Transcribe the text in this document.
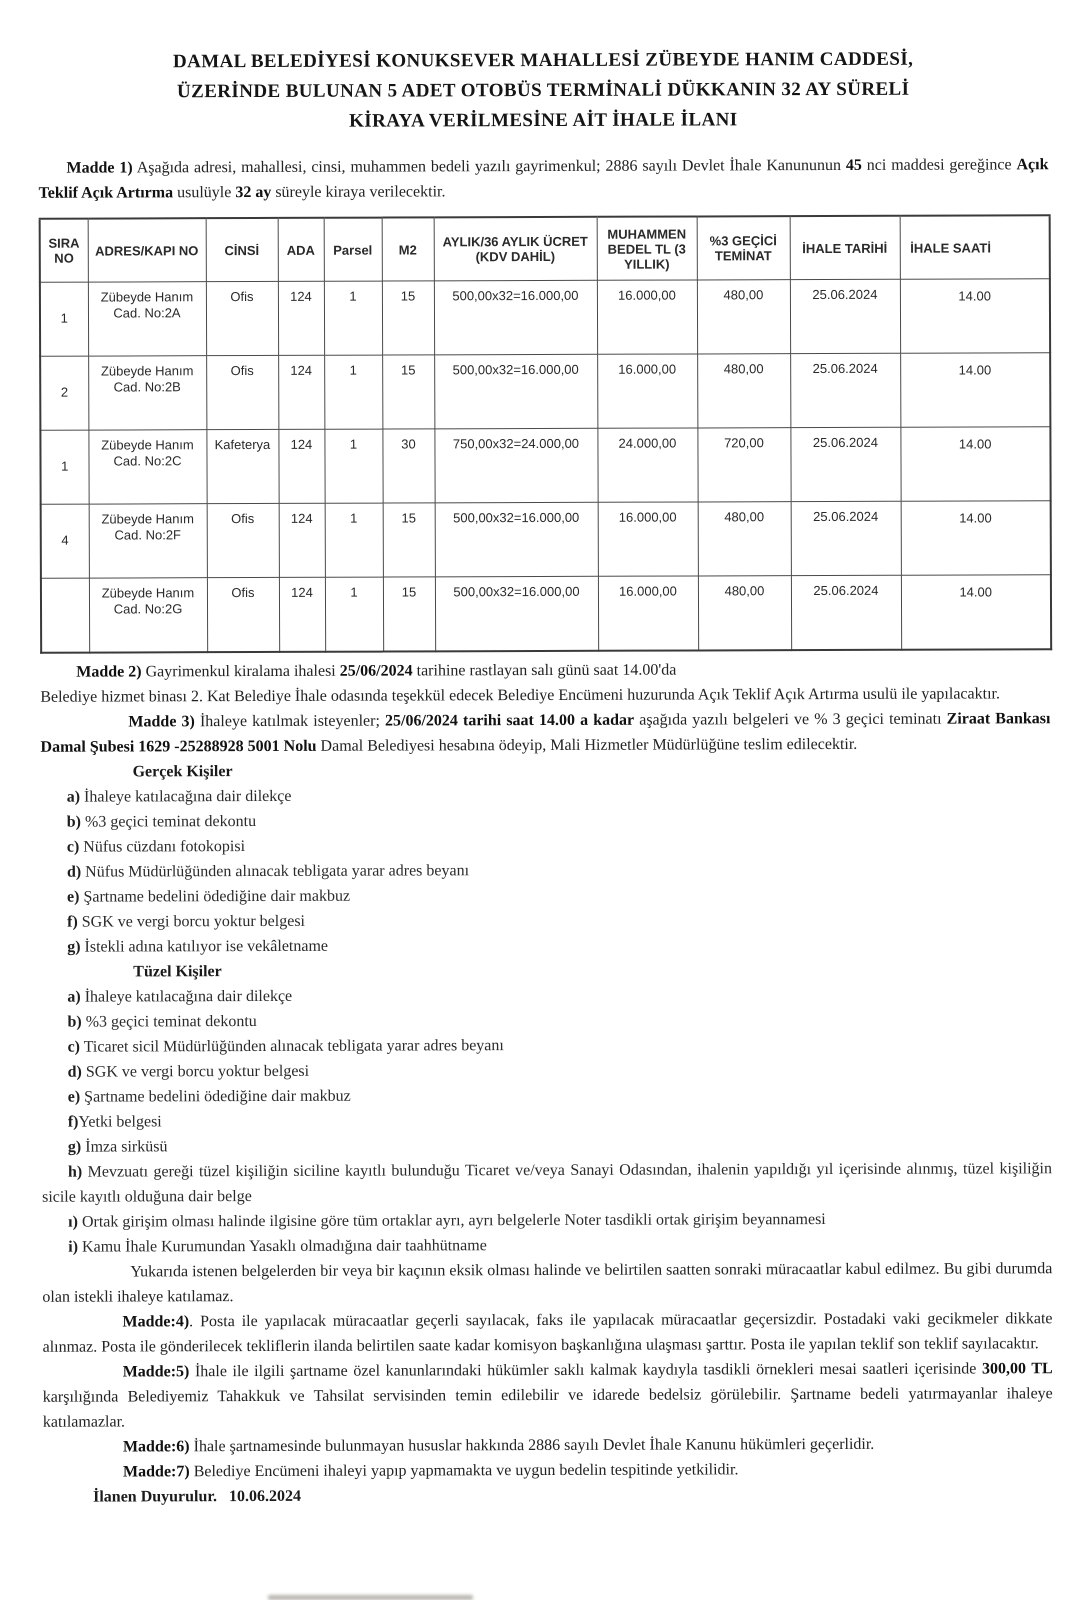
DAMAL BELEDİYESİ KONUKSEVER MAHALLESİ ZÜBEYDE HANIM CADDESİ,
ÜZERİNDE BULUNAN 5 ADET OTOBÜS TERMİNALİ DÜKKANIN 32 AY SÜRELİ
KİRAYA VERİLMESİNE AİT İHALE İLANI

Madde 1) Aşağıda adresi, mahallesi, cinsi, muhammen bedeli yazılı gayrimenkul; 2886 sayılı Devlet İhale Kanununun 45 nci maddesi gereğince Açık Teklif Açık Artırma usulüyle 32 ay süreyle kiraya verilecektir.

SIRA NO	ADRES/KAPI NO	CİNSİ	ADA	Parsel	M2	AYLIK/36 AYLIK ÜCRET (KDV DAHİL)	MUHAMMEN BEDEL TL (3 YILLIK)	%3 GEÇİCİ TEMİNAT	İHALE TARİHİ	İHALE SAATİ
1	Zübeyde Hanım Cad. No:2A	Ofis	124	1	15	500,00x32=16.000,00	16.000,00	480,00	25.06.2024	14.00
2	Zübeyde Hanım Cad. No:2B	Ofis	124	1	15	500,00x32=16.000,00	16.000,00	480,00	25.06.2024	14.00
1	Zübeyde Hanım Cad. No:2C	Kafeterya	124	1	30	750,00x32=24.000,00	24.000,00	720,00	25.06.2024	14.00
4	Zübeyde Hanım Cad. No:2F	Ofis	124	1	15	500,00x32=16.000,00	16.000,00	480,00	25.06.2024	14.00
	Zübeyde Hanım Cad. No:2G	Ofis	124	1	15	500,00x32=16.000,00	16.000,00	480,00	25.06.2024	14.00

Madde 2) Gayrimenkul kiralama ihalesi 25/06/2024 tarihine rastlayan salı günü saat 14.00'da

Belediye hizmet binası 2. Kat Belediye İhale odasında teşekkül edecek Belediye Encümeni huzurunda Açık Teklif Açık Artırma usulü ile yapılacaktır.

Madde 3) İhaleye katılmak isteyenler; 25/06/2024 tarihi saat 14.00 a kadar aşağıda yazılı belgeleri ve % 3 geçici teminatı Ziraat Bankası Damal Şubesi 1629 -25288928 5001 Nolu Damal Belediyesi hesabına ödeyip, Mali Hizmetler Müdürlüğüne teslim edilecektir.

Gerçek Kişiler
a) İhaleye katılacağına dair dilekçe
b) %3 geçici teminat dekontu
c) Nüfus cüzdanı fotokopisi
d) Nüfus Müdürlüğünden alınacak tebligata yarar adres beyanı
e) Şartname bedelini ödediğine dair makbuz
f) SGK ve vergi borcu yoktur belgesi
g) İstekli adına katılıyor ise vekâletname
Tüzel Kişiler
a) İhaleye katılacağına dair dilekçe
b) %3 geçici teminat dekontu
c) Ticaret sicil Müdürlüğünden alınacak tebligata yarar adres beyanı
d) SGK ve vergi borcu yoktur belgesi
e) Şartname bedelini ödediğine dair makbuz
f)Yetki belgesi
g) İmza sirküsü
h) Mevzuatı gereği tüzel kişiliğin siciline kayıtlı bulunduğu Ticaret ve/veya Sanayi Odasından, ihalenin yapıldığı yıl içerisinde alınmış, tüzel kişiliğin sicile kayıtlı olduğuna dair belge
ı) Ortak girişim olması halinde ilgisine göre tüm ortaklar ayrı, ayrı belgelerle Noter tasdikli ortak girişim beyannamesi
i) Kamu İhale Kurumundan Yasaklı olmadığına dair taahhütname

Yukarıda istenen belgelerden bir veya bir kaçının eksik olması halinde ve belirtilen saatten sonraki müracaatlar kabul edilmez. Bu gibi durumda olan istekli ihaleye katılamaz.

Madde:4). Posta ile yapılacak müracaatlar geçerli sayılacak, faks ile yapılacak müracaatlar geçersizdir. Postadaki vaki gecikmeler dikkate alınmaz. Posta ile gönderilecek tekliflerin ilanda belirtilen saate kadar komisyon başkanlığına ulaşması şarttır. Posta ile yapılan teklif son teklif sayılacaktır.

Madde:5) İhale ile ilgili şartname özel kanunlarındaki hükümler saklı kalmak kaydıyla tasdikli örnekleri mesai saatleri içerisinde 300,00 TL karşılığında Belediyemiz Tahakkuk ve Tahsilat servisinden temin edilebilir ve idarede bedelsiz görülebilir. Şartname bedeli yatırmayanlar ihaleye katılamazlar.

Madde:6) İhale şartnamesinde bulunmayan hususlar hakkında 2886 sayılı Devlet İhale Kanunu hükümleri geçerlidir.

Madde:7) Belediye Encümeni ihaleyi yapıp yapmamakta ve uygun bedelin tespitinde yetkilidir.

İlanen Duyurulur.   10.06.2024
